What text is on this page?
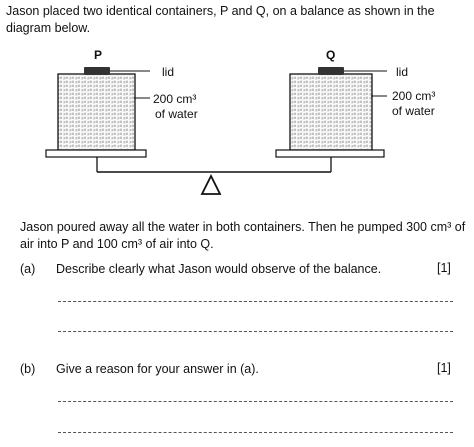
Jason placed two identical containers, P and Q, on a balance as shown in the
diagram below.
P	Q
lid	lid
200 cm³
of water
200 cm³
of water
Jason poured away all the water in both containers. Then he pumped 300 cm³ of
air into P and 100 cm³ of air into Q.
(a) Describe clearly what Jason would observe of the balance.	[1]
(b) Give a reason for your answer in (a).	[1]
